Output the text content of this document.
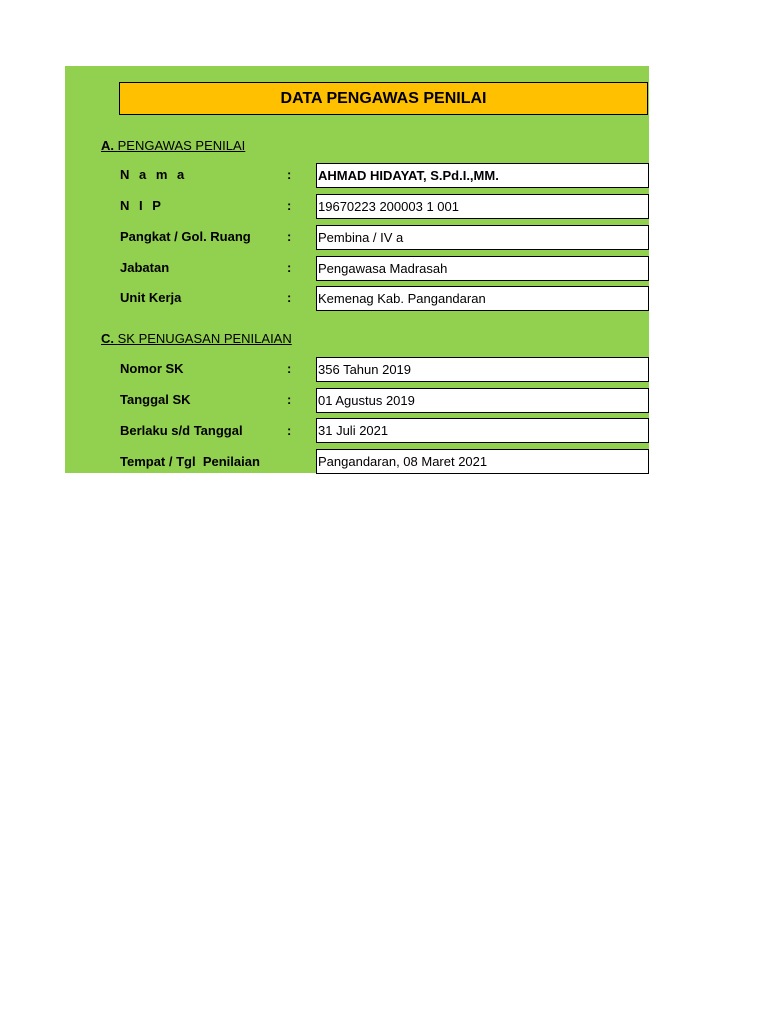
DATA PENGAWAS PENILAI
A. PENGAWAS PENILAI
N a m a	: AHMAD HIDAYAT, S.Pd.I.,MM.
N I P	: 19670223 200003 1 001
Pangkat / Gol. Ruang	: Pembina / IV a
Jabatan	: Pengawasa Madrasah
Unit Kerja	: Kemenag Kab. Pangandaran
C. SK PENUGASAN PENILAIAN
Nomor SK	: 356 Tahun 2019
Tanggal SK	: 01 Agustus 2019
Berlaku s/d Tanggal	: 31 Juli 2021
Tempat / Tgl  Penilaian	Pangandaran, 08 Maret 2021
